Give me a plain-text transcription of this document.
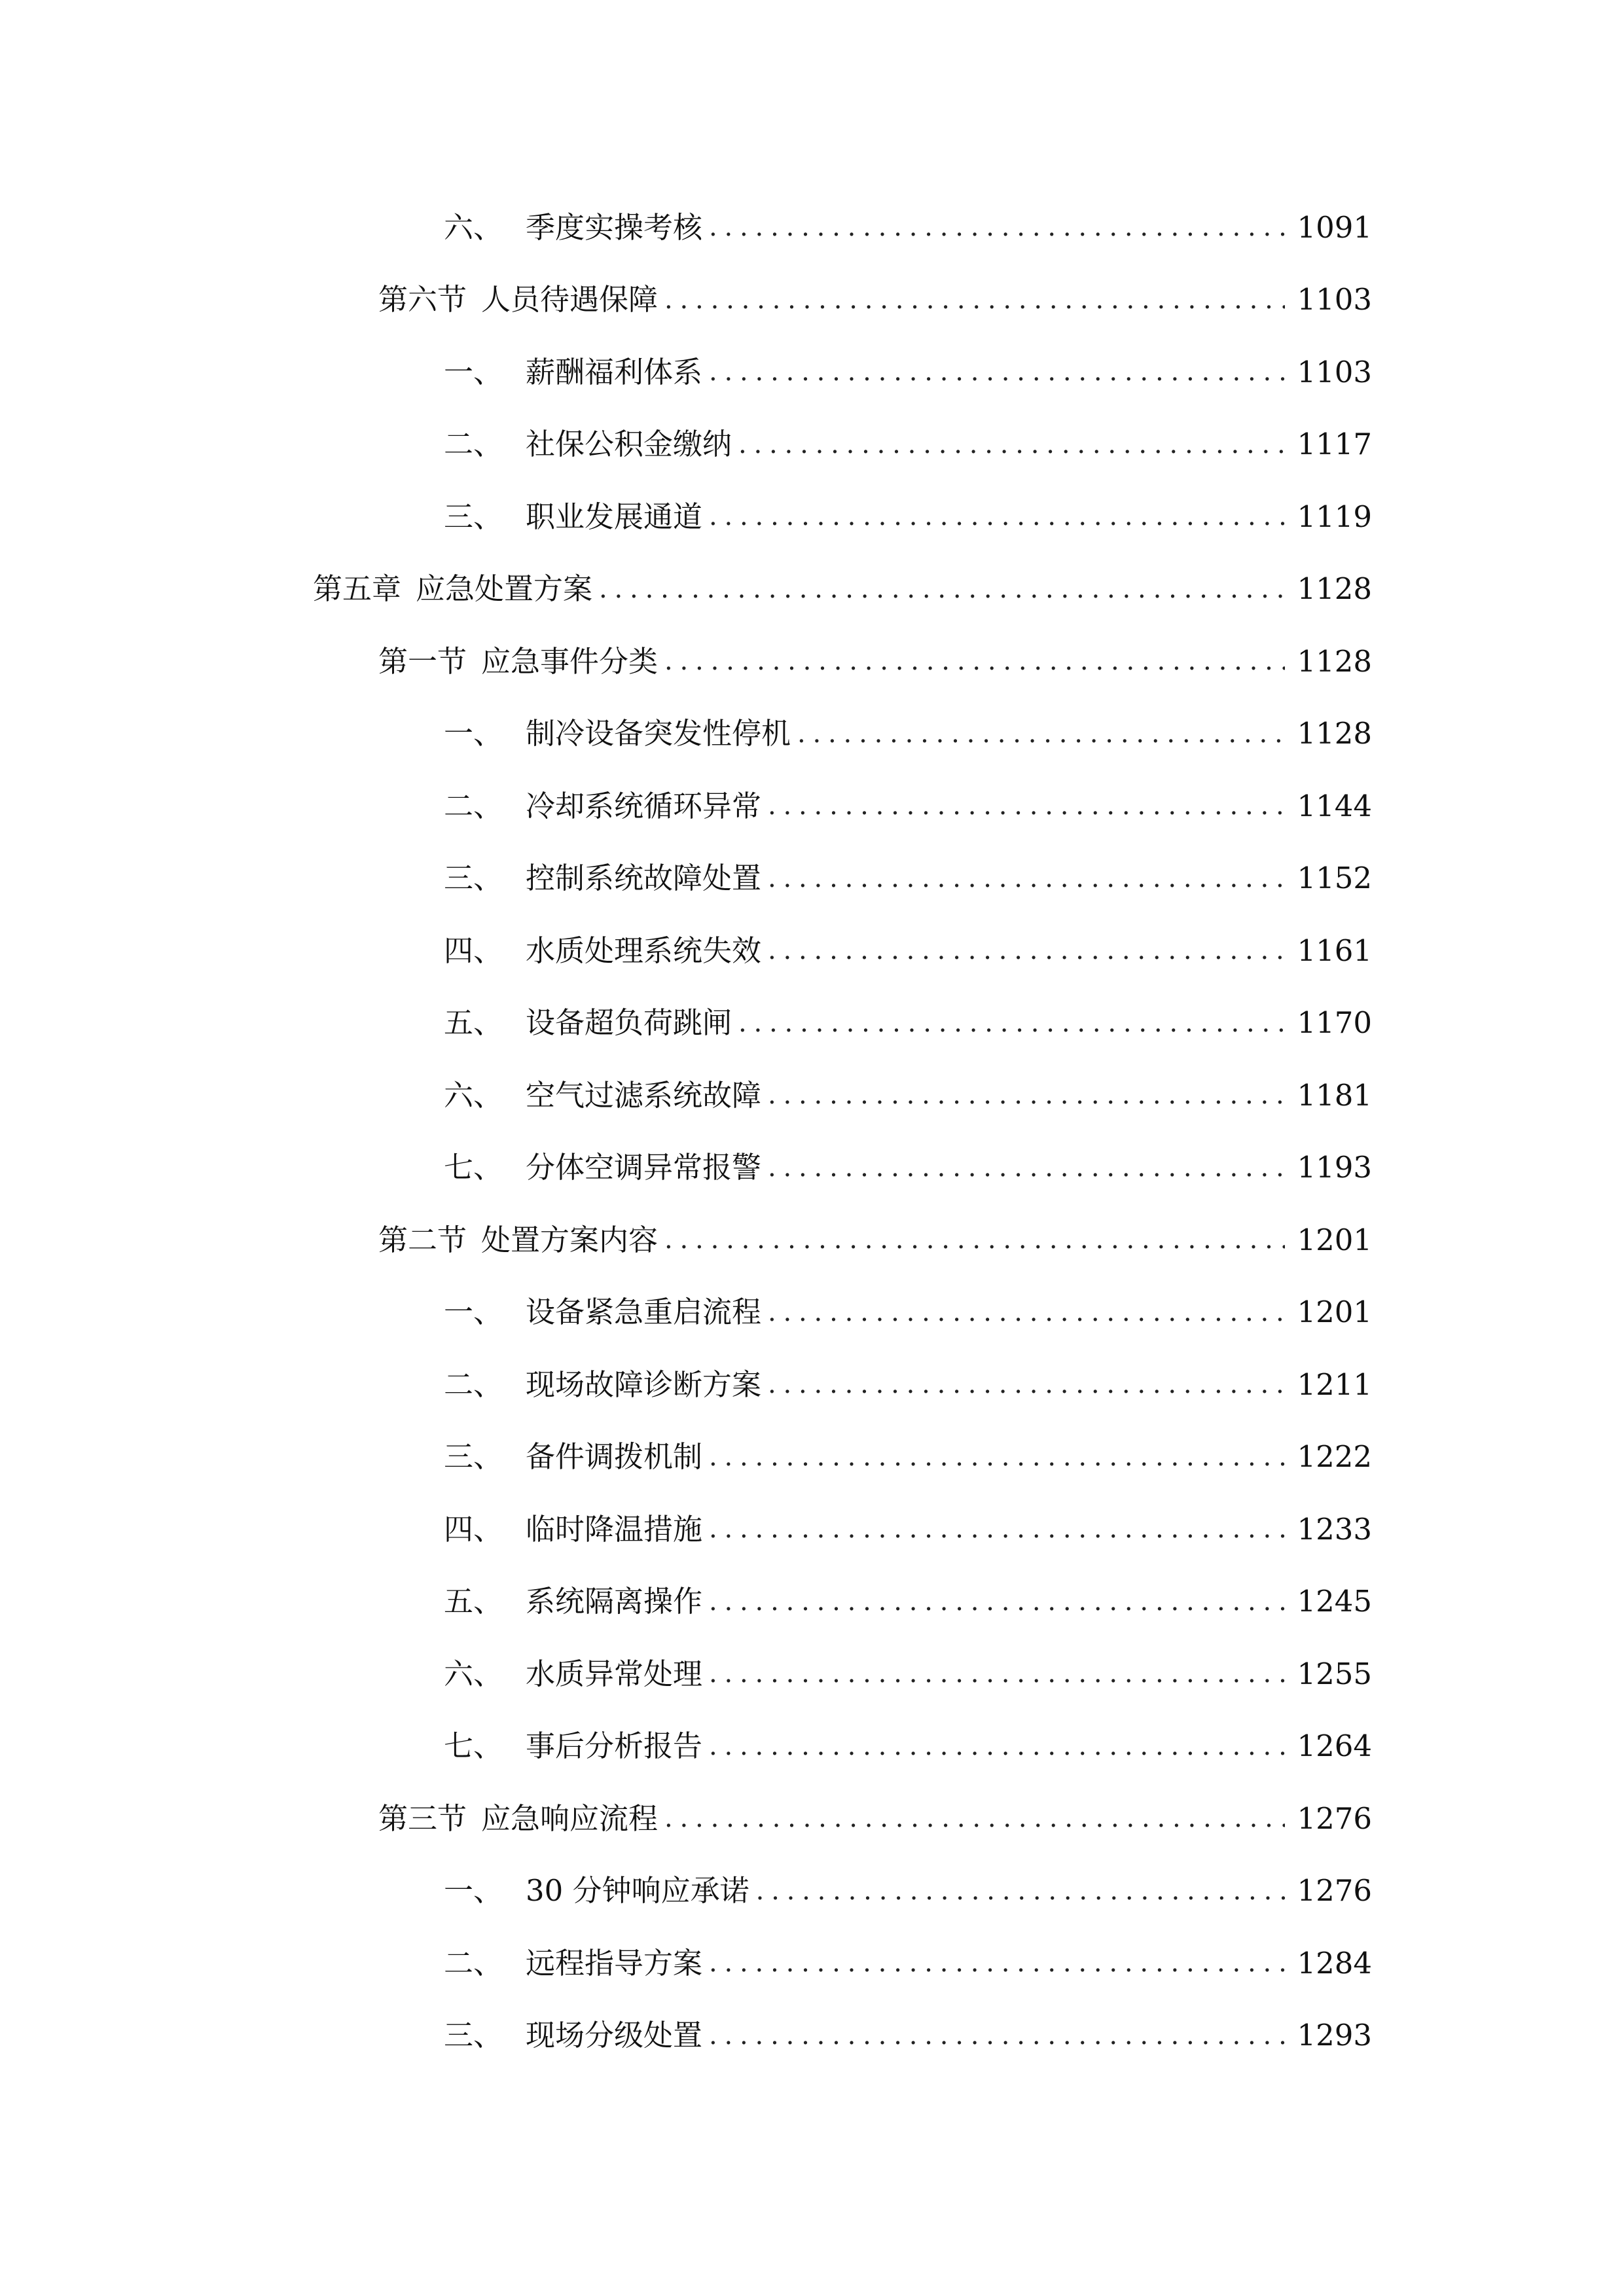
六、 季度实操考核 .....	1091
第六节 人员待遇保障 .....	1103
一、 薪酬福利体系 .....	1103
二、 社保公积金缴纳 .....	1117
三、 职业发展通道 .....	1119
第五章 应急处置方案 .....	1128
第一节 应急事件分类 .....	1128
一、 制冷设备突发性停机 .....	1128
二、 冷却系统循环异常 .....	1144
三、 控制系统故障处置 .....	1152
四、 水质处理系统失效 .....	1161
五、 设备超负荷跳闸 .....	1170
六、 空气过滤系统故障 .....	1181
七、 分体空调异常报警 .....	1193
第二节 处置方案内容 .....	1201
一、 设备紧急重启流程 .....	1201
二、 现场故障诊断方案 .....	1211
三、 备件调拨机制 .....	1222
四、 临时降温措施 .....	1233
五、 系统隔离操作 .....	1245
六、 水质异常处理 .....	1255
七、 事后分析报告 .....	1264
第三节 应急响应流程 .....	1276
一、 30 分钟响应承诺 .....	1276
二、 远程指导方案 .....	1284
三、 现场分级处置 .....	1293
